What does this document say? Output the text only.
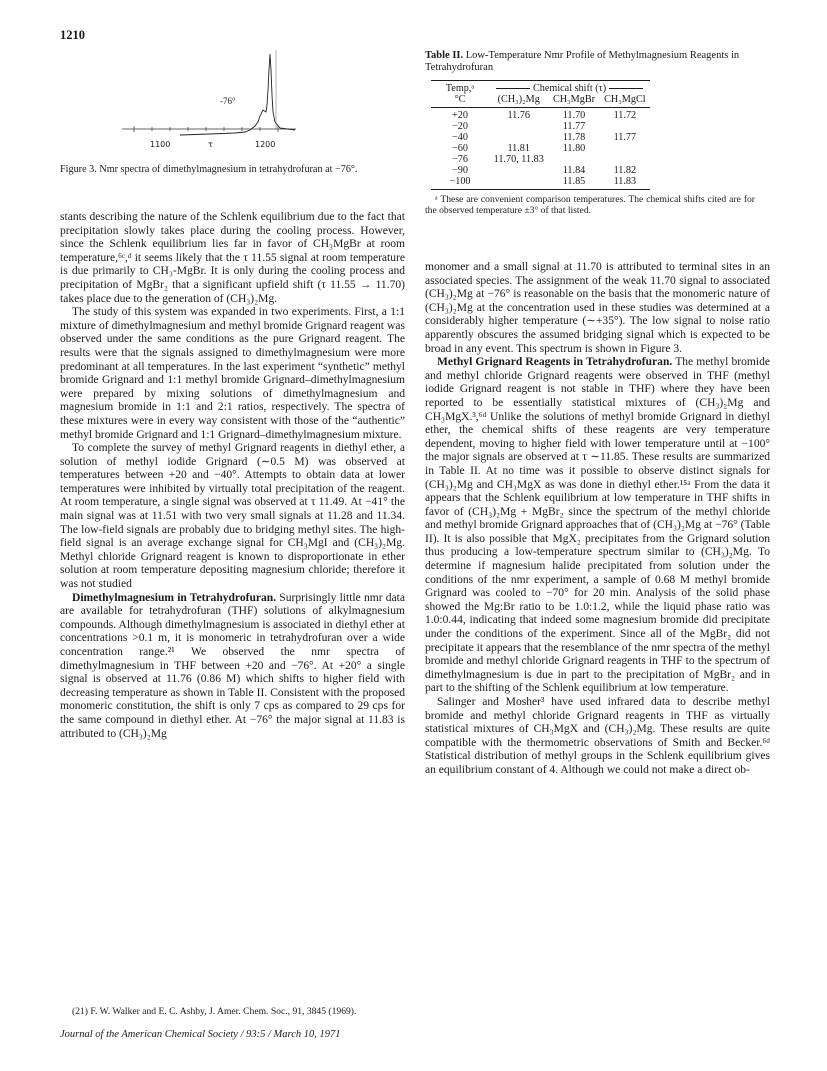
1210
-76°
1100	τ	1200
Figure 3. Nmr spectra of dimethylmagnesium in tetrahydrofuran at −76°.

stants describing the nature of the Schlenk equilibrium due to the fact that precipitation slowly takes place during the cooling process. However, since the Schlenk equilibrium lies far in favor of CH₃MgBr at room temperature,⁶ᶜ,ᵈ it seems likely that the τ 11.55 signal at room temperature is due primarily to CH₃-MgBr. It is only during the cooling process and precipitation of MgBr₂ that a significant upfield shift (τ 11.55 → 11.70) takes place due to the generation of (CH₃)₂Mg.

The study of this system was expanded in two experiments. First, a 1:1 mixture of dimethylmagnesium and methyl bromide Grignard reagent was observed under the same conditions as the pure Grignard reagent. The results were that the signals assigned to dimethylmagnesium were more predominant at all temperatures. In the last experiment “synthetic” methyl bromide Grignard and 1:1 methyl bromide Grignard–dimethylmagnesium were prepared by mixing solutions of dimethylmagnesium and magnesium bromide in 1:1 and 2:1 ratios, respectively. The spectra of these mixtures were in every way consistent with those of the “authentic” methyl bromide Grignard and 1:1 Grignard–dimethylmagnesium mixture.

To complete the survey of methyl Grignard reagents in diethyl ether, a solution of methyl iodide Grignard (∼0.5 M) was observed at temperatures between +20 and −40°. Attempts to obtain data at lower temperatures were inhibited by virtually total precipitation of the reagent. At room temperature, a single signal was observed at τ 11.49. At −41° the main signal was at 11.51 with two very small signals at 11.28 and 11.34. The low-field signals are probably due to bridging methyl sites. The high-field signal is an average exchange signal for CH₃MgI and (CH₃)₂Mg. Methyl chloride Grignard reagent is known to disproportionate in ether solution at room temperature depositing magnesium chloride; therefore it was not studied

Dimethylmagnesium in Tetrahydrofuran. Surprisingly little nmr data are available for tetrahydrofuran (THF) solutions of alkylmagnesium compounds. Although dimethylmagnesium is associated in diethyl ether at concentrations >0.1 m, it is monomeric in tetrahydrofuran over a wide concentration range.²¹ We observed the nmr spectra of dimethylmagnesium in THF between +20 and −76°. At +20° a single signal is observed at 11.76 (0.86 M) which shifts to higher field with decreasing temperature as shown in Table II. Consistent with the proposed monomeric constitution, the shift is only 7 cps as compared to 29 cps for the same compound in diethyl ether. At −76° the major signal at 11.83 is attributed to (CH₃)₂Mg

(21) F. W. Walker and E. C. Ashby, J. Amer. Chem. Soc., 91, 3845 (1969).

Table II. Low-Temperature Nmr Profile of Methylmagnesium Reagents in Tetrahydrofuran
Temp,ᵃ	Chemical shift (τ)		
°C	(CH₃)₂Mg	CH₃MgBr	CH₃MgCl
+20	11.76	11.70	11.72
−20		11.77	
−40		11.78	11.77
−60	11.81	11.80	
−76	11.70, 11.83		
−90		11.84	11.82
−100		11.85	11.83
ᵃ These are convenient comparison temperatures. The chemical shifts cited are for the observed temperature ±3° of that listed.

monomer and a small signal at 11.70 is attributed to terminal sites in an associated species. The assignment of the weak 11.70 signal to associated (CH₃)₂Mg at −76° is reasonable on the basis that the monomeric nature of (CH₃)₂Mg at the concentration used in these studies was determined at a considerably higher temperature (∼+35°). The low signal to noise ratio apparently obscures the assumed bridging signal which is expected to be broad in any event. This spectrum is shown in Figure 3.

Methyl Grignard Reagents in Tetrahydrofuran. The methyl bromide and methyl chloride Grignard reagents were observed in THF (methyl iodide Grignard reagent is not stable in THF) where they have been reported to be essentially statistical mixtures of (CH₃)₂Mg and CH₃MgX.³,⁶ᵈ Unlike the solutions of methyl bromide Grignard in diethyl ether, the chemical shifts of these reagents are very temperature dependent, moving to higher field with lower temperature until at −100° the major signals are observed at τ ∼11.85. These results are summarized in Table II. At no time was it possible to observe distinct signals for (CH₃)₂Mg and CH₃MgX as was done in diethyl ether.¹⁵ᵃ From the data it appears that the Schlenk equilibrium at low temperature in THF shifts in favor of (CH₃)₂Mg + MgBr₂ since the spectrum of the methyl chloride and methyl bromide Grignard approaches that of (CH₃)₂Mg at −76° (Table II). It is also possible that MgX₂ precipitates from the Grignard solution thus producing a low-temperature spectrum similar to (CH₃)₂Mg. To determine if magnesium halide precipitated from solution under the conditions of the nmr experiment, a sample of 0.68 M methyl bromide Grignard was cooled to −70° for 20 min. Analysis of the solid phase showed the Mg:Br ratio to be 1.0:1.2, while the liquid phase ratio was 1.0:0.44, indicating that indeed some magnesium bromide did precipitate under the conditions of the experiment. Since all of the MgBr₂ did not precipitate it appears that the resemblance of the nmr spectra of the methyl bromide and methyl chloride Grignard reagents in THF to the spectrum of dimethylmagnesium is due in part to the precipitation of MgBr₂ and in part to the shifting of the Schlenk equilibrium at low temperature.

Salinger and Mosher³ have used infrared data to describe methyl bromide and methyl chloride Grignard reagents in THF as virtually statistical mixtures of CH₃MgX and (CH₃)₂Mg. These results are quite compatible with the thermometric observations of Smith and Becker.⁶ᵈ Statistical distribution of methyl groups in the Schlenk equilibrium gives an equilibrium constant of 4. Although we could not make a direct ob-

Journal of the American Chemical Society / 93:5 / March 10, 1971
